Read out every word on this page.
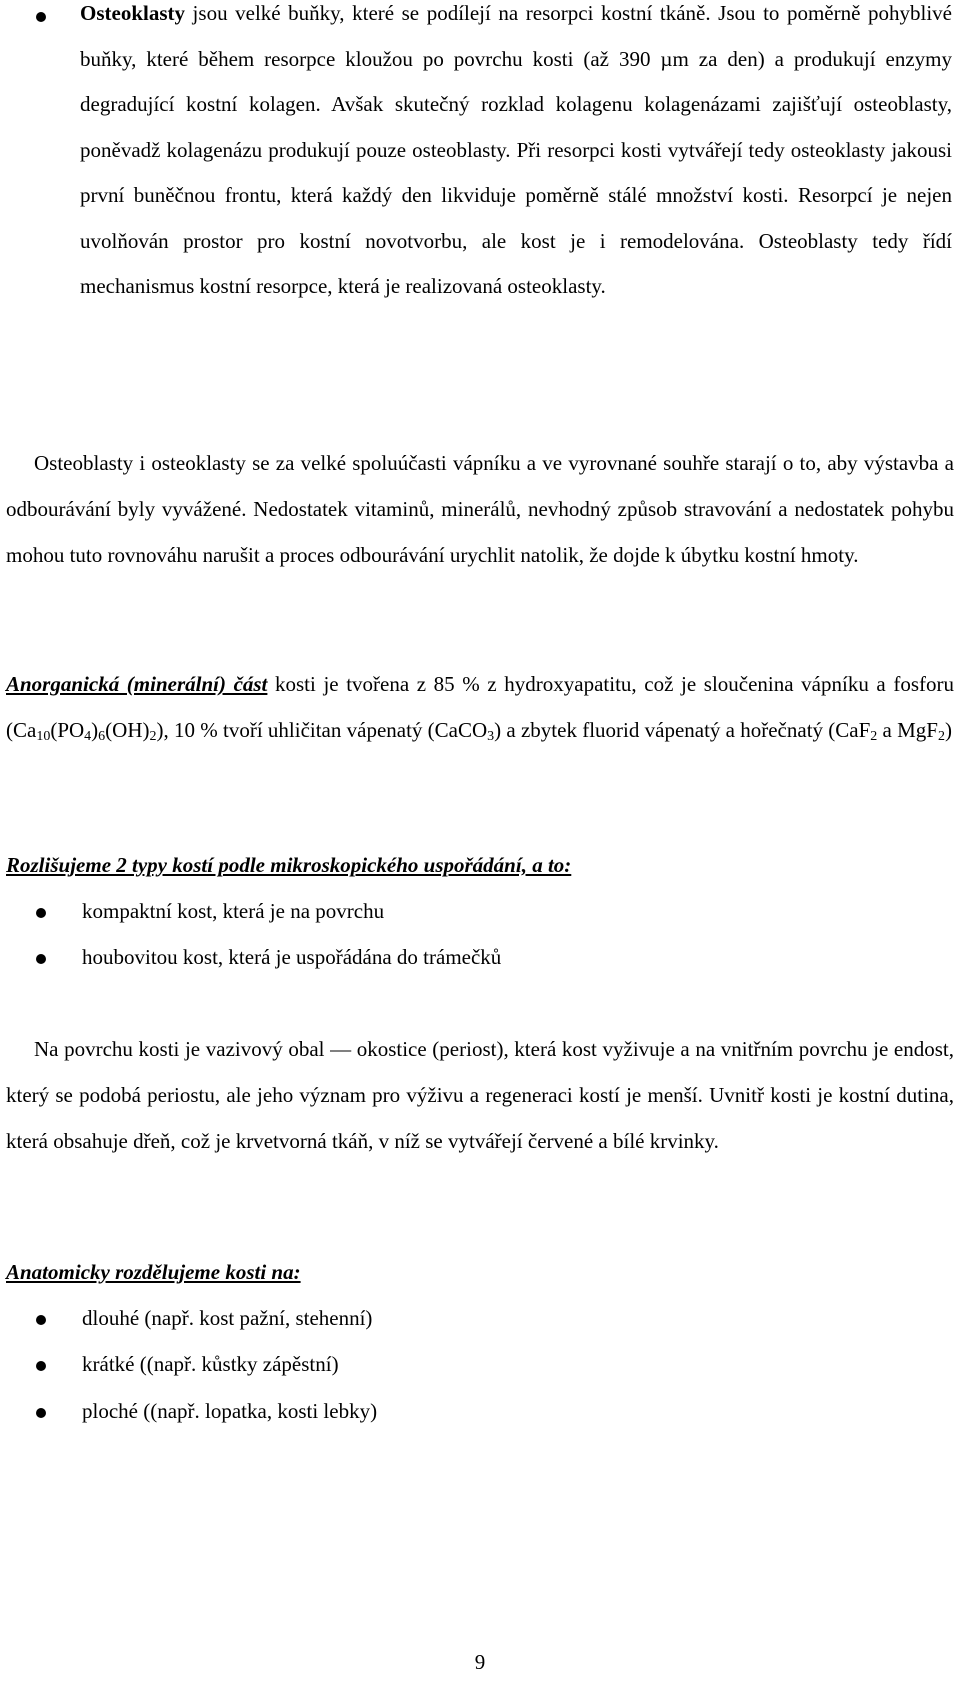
Osteoklasty jsou velké buňky, které se podílejí na resorpci kostní tkáně. Jsou to poměrně pohyblivé buňky, které během resorpce kloužou po povrchu kosti (až 390 µm za den) a produkují enzymy degradující kostní kolagen. Avšak skutečný rozklad kolagenu kolagenázami zajišťují osteoblasty, poněvadž kolagenázu produkují pouze osteoblasty. Při resorpci kosti vytvářejí tedy osteoklasty jakousi první buněčnou frontu, která každý den likviduje poměrně stálé množství kosti. Resorpcí je nejen uvolňován prostor pro kostní novotvorbu, ale kost je i remodelována. Osteoblasty tedy řídí mechanismus kostní resorpce, která je realizovaná osteoklasty.
Osteoblasty i osteoklasty se za velké spoluúčasti vápníku a ve vyrovnané souhře starají o to, aby výstavba a odbourávání byly vyvážené. Nedostatek vitaminů, minerálů, nevhodný způsob stravování a nedostatek pohybu mohou tuto rovnováhu narušit a proces odbourávání urychlit natolik, že dojde k úbytku kostní hmoty.
Anorganická (minerální) část kosti je tvořena z 85 % z hydroxyapatitu, což je sloučenina vápníku a fosforu $(Ca_{10}(PO_4)_6(OH)_2)$, 10 % tvoří uhličitan vápenatý (CaCO$_3$) a zbytek fluorid vápenatý a hořečnatý (CaF$_2$ a MgF$_2$)
Rozlišujeme 2 typy kostí podle mikroskopického uspořádání, a to:
kompaktní kost, která je na povrchu
houbovitou kost, která je uspořádána do trámečků
Na povrchu kosti je vazivový obal — okostice (periost), která kost vyživuje a na vnitřním povrchu je endost, který se podobá periostu, ale jeho význam pro výživu a regeneraci kostí je menší. Uvnitř kosti je kostní dutina, která obsahuje dřeň, což je krvetvorná tkáň, v níž se vytvářejí červené a bílé krvinky.
Anatomicky rozdělujeme kosti na:
dlouhé (např. kost pažní, stehenní)
krátké ((např. kůstky zápěstní)
ploché ((např. lopatka, kosti lebky)
9
